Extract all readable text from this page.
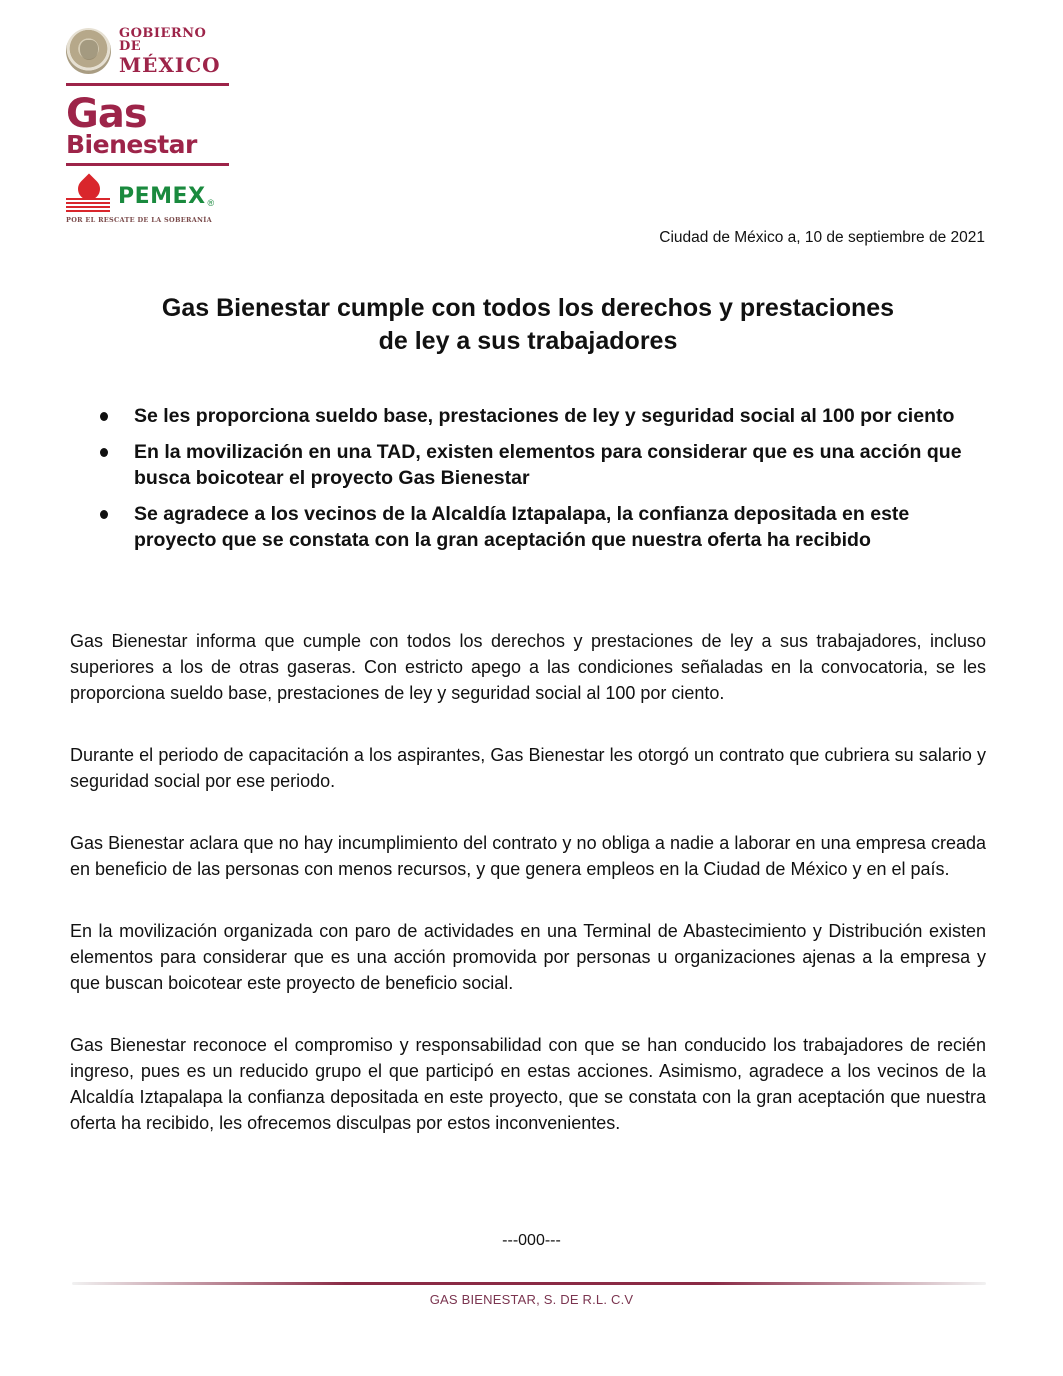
GOBIERNO DE
MÉXICO
Gas
Bienestar
PEMEX ®
POR EL RESCATE DE LA SOBERANÍA
Ciudad de México a, 10 de septiembre de 2021
Gas Bienestar cumple con todos los derechos y prestaciones
de ley a sus trabajadores
Se les proporciona sueldo base, prestaciones de ley y seguridad social al 100 por ciento
En la movilización en una TAD, existen elementos para considerar que es una acción que busca boicotear el proyecto Gas Bienestar
Se agradece a los vecinos de la Alcaldía Iztapalapa, la confianza depositada en este proyecto que se constata con la gran aceptación que nuestra oferta ha recibido

Gas Bienestar informa que cumple con todos los derechos y prestaciones de ley a sus trabajadores, incluso superiores a los de otras gaseras. Con estricto apego a las condiciones señaladas en la convocatoria, se les proporciona sueldo base, prestaciones de ley y seguridad social al 100 por ciento.

Durante el periodo de capacitación a los aspirantes, Gas Bienestar les otorgó un contrato que cubriera su salario y seguridad social por ese periodo.

Gas Bienestar aclara que no hay incumplimiento del contrato y no obliga a nadie a laborar en una empresa creada en beneficio de las personas con menos recursos, y que genera empleos en la Ciudad de México y en el país.

En la movilización organizada con paro de actividades en una Terminal de Abastecimiento y Distribución existen elementos para considerar que es una acción promovida por personas u organizaciones ajenas a la empresa y que buscan boicotear este proyecto de beneficio social.

Gas Bienestar reconoce el compromiso y responsabilidad con que se han conducido los trabajadores de recién ingreso, pues es un reducido grupo el que participó en estas acciones. Asimismo, agradece a los vecinos de la Alcaldía Iztapalapa la confianza depositada en este proyecto, que se constata con la gran aceptación que nuestra oferta ha recibido, les ofrecemos disculpas por estos inconvenientes.

---000---
GAS BIENESTAR, S. DE R.L. C.V
